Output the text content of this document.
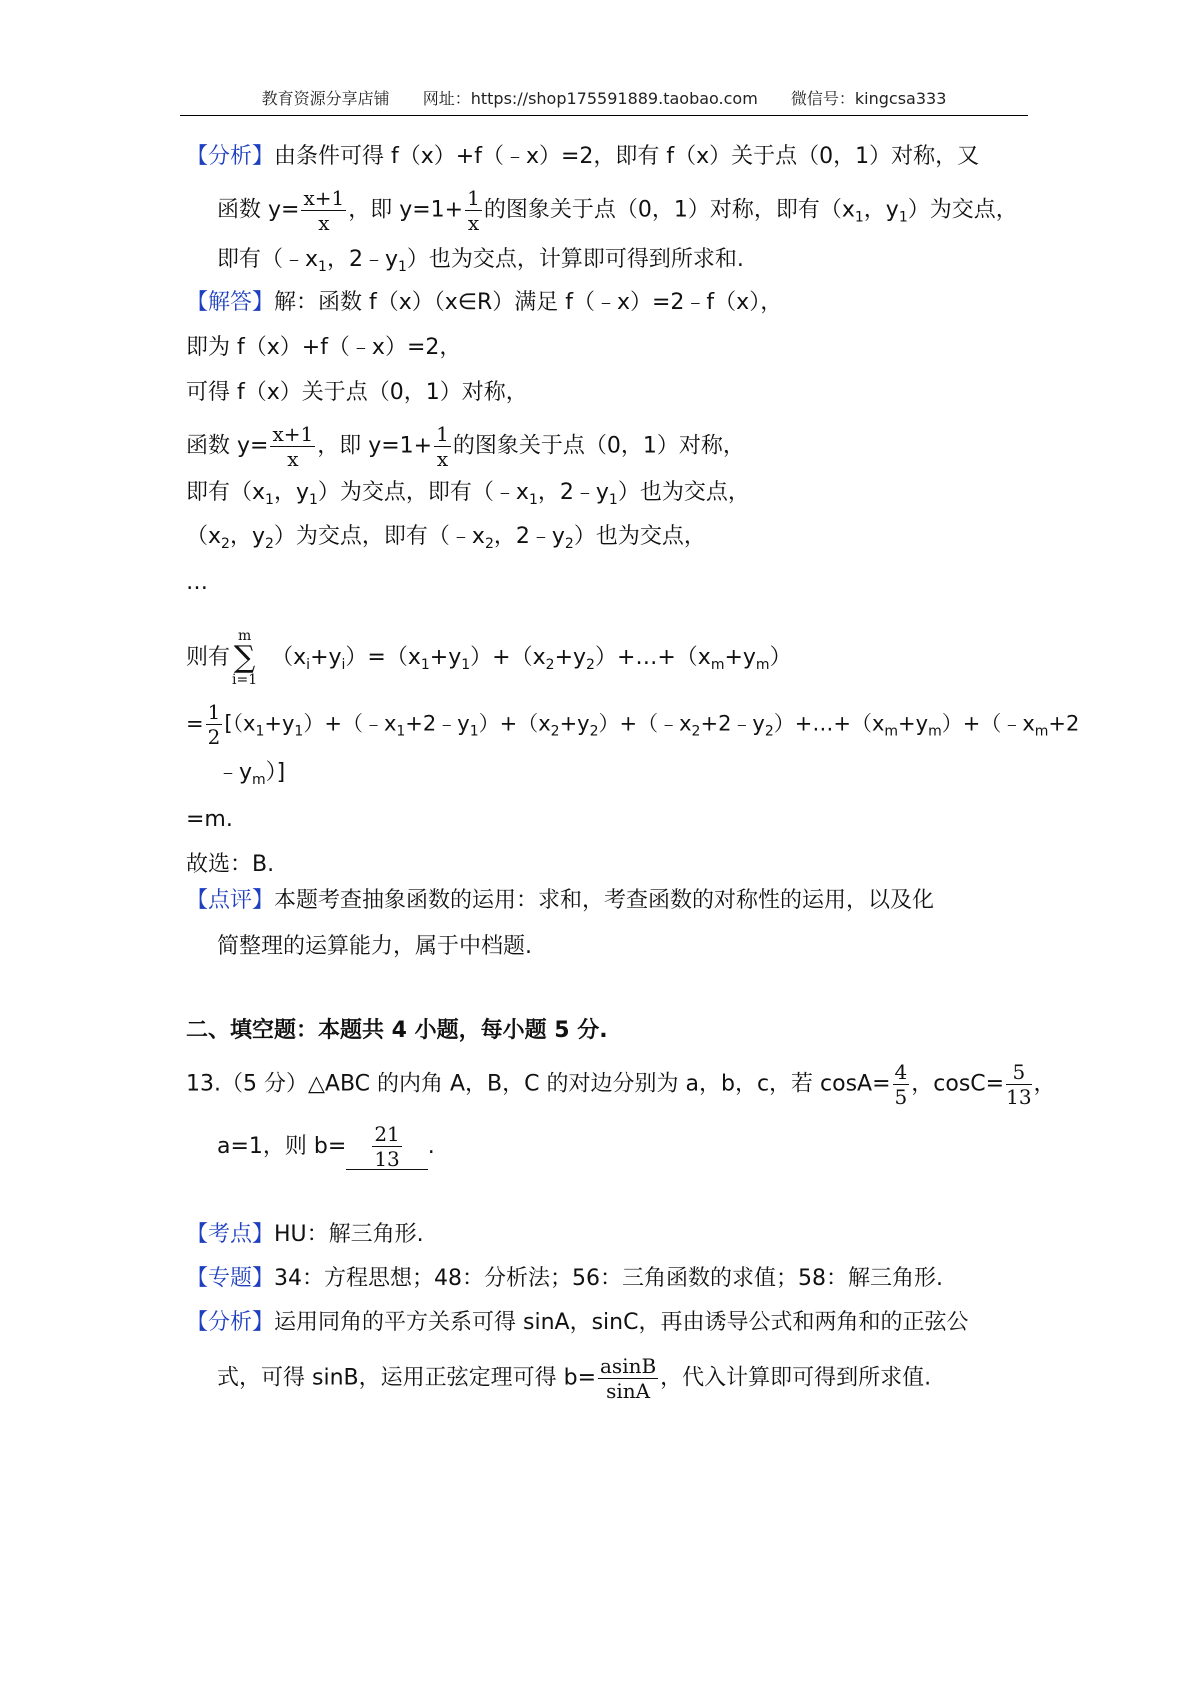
教育资源分享店铺 网址：https://shop175591889.taobao.com 微信号：kingcsa333
【分析】由条件可得 f（x）+f（﹣x）=2，即有 f（x）关于点（0，1）对称，又
函数 $y= \frac{x+1}{x}$ ，即 $y=1+ \frac{1}{x}$ 的图象关于点（0，1）对称，即有（$x_1$，$y_1$）为交点，
即有（$﹣x_1$，$2﹣y_1$）也为交点，计算即可得到所求和.
【解答】解：函数 f（x）（x∈R）满足 f（﹣x）=2﹣f（x），
即为 f（x）+f（﹣x）=2，
可得 f（x）关于点（0，1）对称，
函数 $y= \frac{x+1}{x}$ ，即 $y=1+ \frac{1}{x}$ 的图象关于点（0，1）对称，
即有（$x_1$，$y_1$）为交点，即有（$﹣x_1$，$2﹣y_1$）也为交点，
（$x_2$，$y_2$）为交点，即有（$﹣x_2$，$2﹣y_2$）也为交点，
…
则有
m
∑
i=1
$(x_i+y_i)=(x_1+y_1)+(x_2+y_2)+\dots+(x_m+y_m)$
= $\frac{1}{2}$ [$(x_1+y_1)+(﹣x_1+2﹣y_1)+(x_2+y_2)+(﹣x_2+2﹣y_2)+\dots+(x_m+y_m)+(﹣x_m+2$
$﹣y_m$）]
=m.
故选：B.
【点评】本题考查抽象函数的运用：求和，考查函数的对称性的运用，以及化
简整理的运算能力，属于中档题.
二、填空题：本题共 4 小题，每小题 5 分.
13.（5 分）△ABC 的内角 A，B，C 的对边分别为 a，b，c，若 $\cos A= \frac{4}{5}$ ，$\cos C= \frac{5}{13}$ ，
a=1，则 $b= \frac{21}{13}$ .
【考点】HU：解三角形.
【专题】34：方程思想；48：分析法；56：三角函数的求值；58：解三角形.
【分析】运用同角的平方关系可得 sinA，sinC，再由诱导公式和两角和的正弦公
式，可得 sinB，运用正弦定理可得 $b= \frac{asinB}{\sin A}$ ，代入计算即可得到所求值.
